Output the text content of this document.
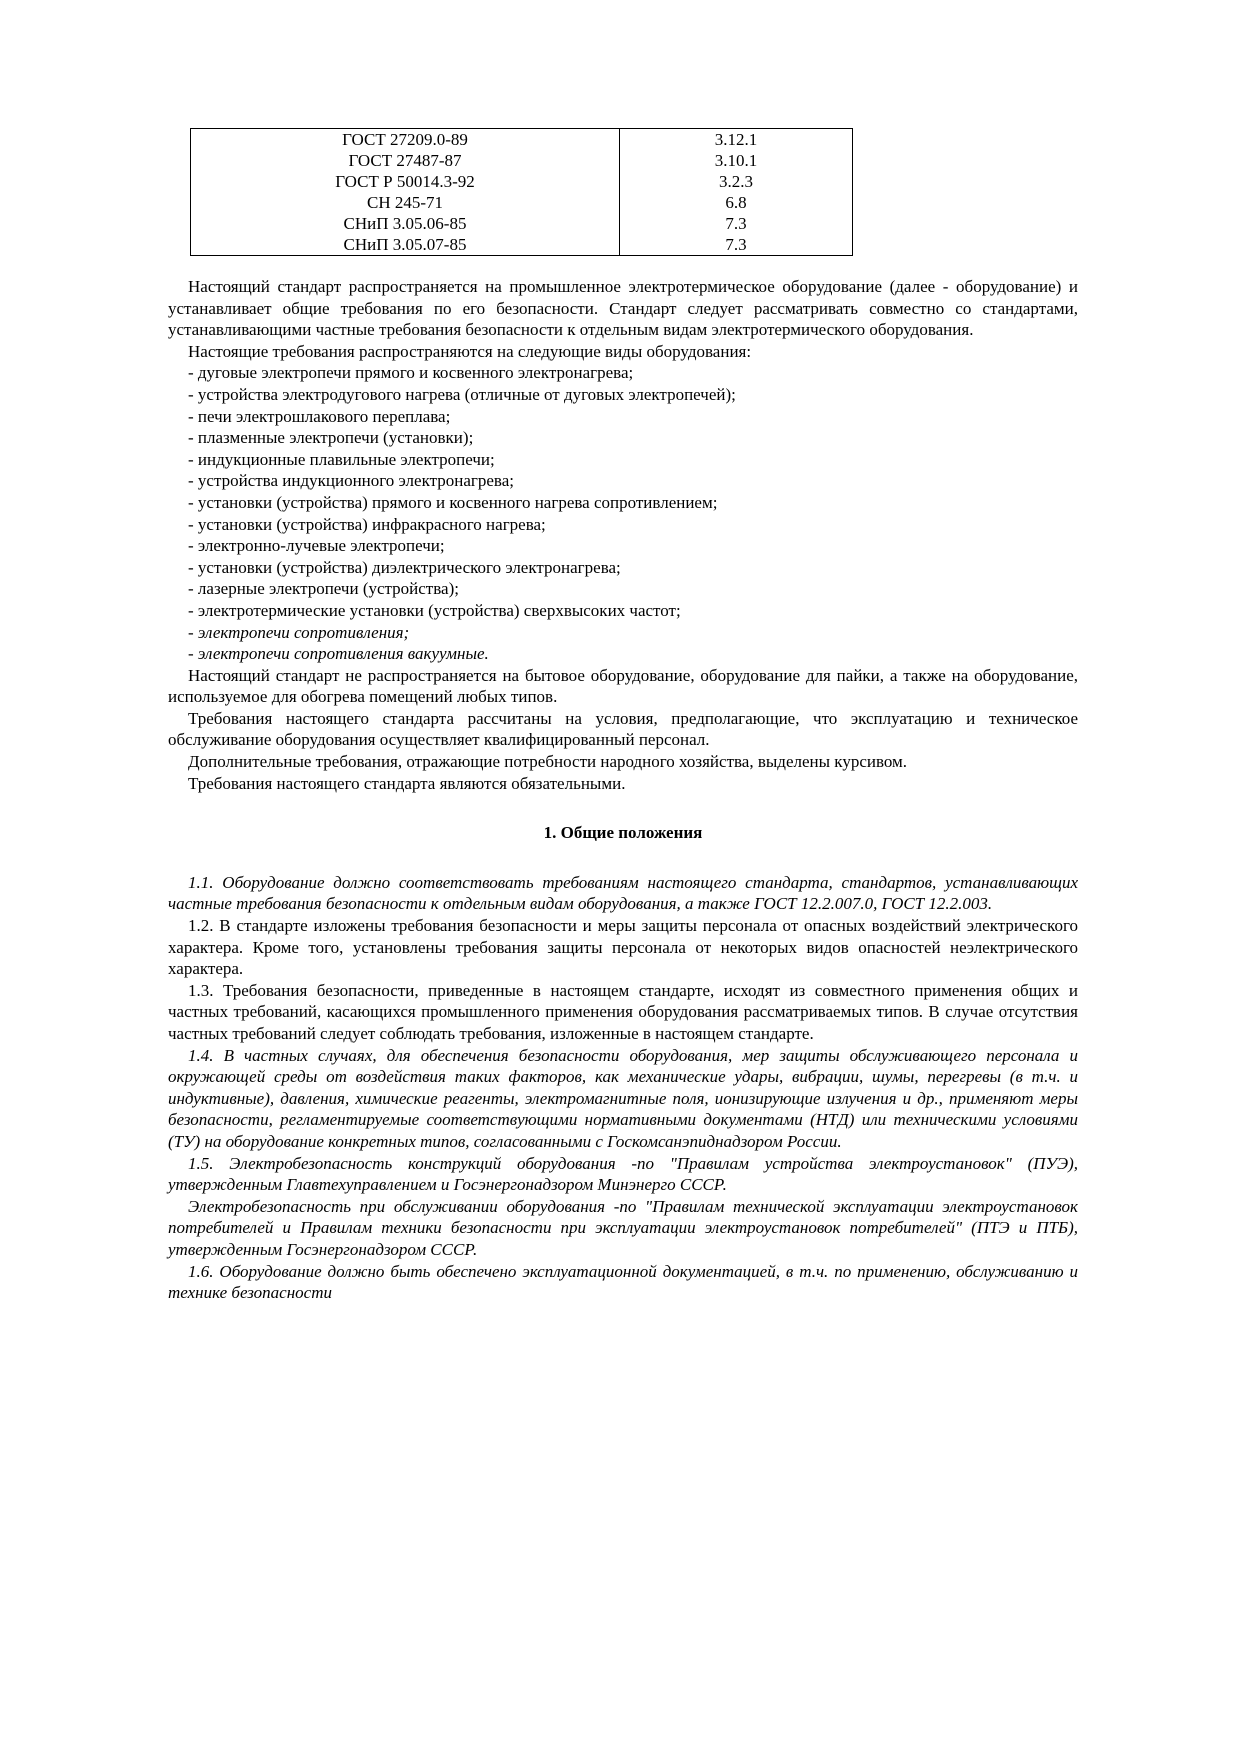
ГОСТ 27209.0-89	3.12.1
ГОСТ 27487-87	3.10.1
ГОСТ Р 50014.3-92	3.2.3
СН 245-71	6.8
СНиП 3.05.06-85	7.3
СНиП 3.05.07-85	7.3

Настоящий стандарт распространяется на промышленное электротермическое оборудование (далее - оборудование) и устанавливает общие требования по его безопасности. Стандарт следует рассматривать совместно со стандартами, устанавливающими частные требования безопасности к отдельным видам электротермического оборудования.

Настоящие требования распространяются на следующие виды оборудования:

- дуговые электропечи прямого и косвенного электронагрева;

- устройства электродугового нагрева (отличные от дуговых электропечей);

- печи электрошлакового переплава;

- плазменные электропечи (установки);

- индукционные плавильные электропечи;

- устройства индукционного электронагрева;

- установки (устройства) прямого и косвенного нагрева сопротивлением;

- установки (устройства) инфракрасного нагрева;

- электронно-лучевые электропечи;

- установки (устройства) диэлектрического электронагрева;

- лазерные электропечи (устройства);

- электротермические установки (устройства) сверхвысоких частот;

- электропечи сопротивления;

- электропечи сопротивления вакуумные.

Настоящий стандарт не распространяется на бытовое оборудование, оборудование для пайки, а также на оборудование, используемое для обогрева помещений любых типов.

Требования настоящего стандарта рассчитаны на условия, предполагающие, что эксплуатацию и техническое обслуживание оборудования осуществляет квалифицированный персонал.

Дополнительные требования, отражающие потребности народного хозяйства, выделены курсивом.

Требования настоящего стандарта являются обязательными.

1. Общие положения

1.1. Оборудование должно соответствовать требованиям настоящего стандарта, стандартов, устанавливающих частные требования безопасности к отдельным видам оборудования, а также ГОСТ 12.2.007.0, ГОСТ 12.2.003.

1.2. В стандарте изложены требования безопасности и меры защиты персонала от опасных воздействий электрического характера. Кроме того, установлены требования защиты персонала от некоторых видов опасностей неэлектрического характера.

1.3. Требования безопасности, приведенные в настоящем стандарте, исходят из совместного применения общих и частных требований, касающихся промышленного применения оборудования рассматриваемых типов. В случае отсутствия частных требований следует соблюдать требования, изложенные в настоящем стандарте.

1.4. В частных случаях, для обеспечения безопасности оборудования, мер защиты обслуживающего персонала и окружающей среды от воздействия таких факторов, как механические удары, вибрации, шумы, перегревы (в т.ч. и индуктивные), давления, химические реагенты, электромагнитные поля, ионизирующие излучения и др., применяют меры безопасности, регламентируемые соответствующими нормативными документами (НТД) или техническими условиями (ТУ) на оборудование конкретных типов, согласованными с Госкомсанэпиднадзором России.

1.5. Электробезопасность конструкций оборудования -по "Правилам устройства электроустановок" (ПУЭ), утвержденным Главтехуправлением и Госэнергонадзором Минэнерго СССР.

Электробезопасность при обслуживании оборудования -по "Правилам технической эксплуатации электроустановок потребителей и Правилам техники безопасности при эксплуатации электроустановок потребителей" (ПТЭ и ПТБ), утвержденным Госэнергонадзором СССР.

1.6. Оборудование должно быть обеспечено эксплуатационной документацией, в т.ч. по применению, обслуживанию и технике безопасности
